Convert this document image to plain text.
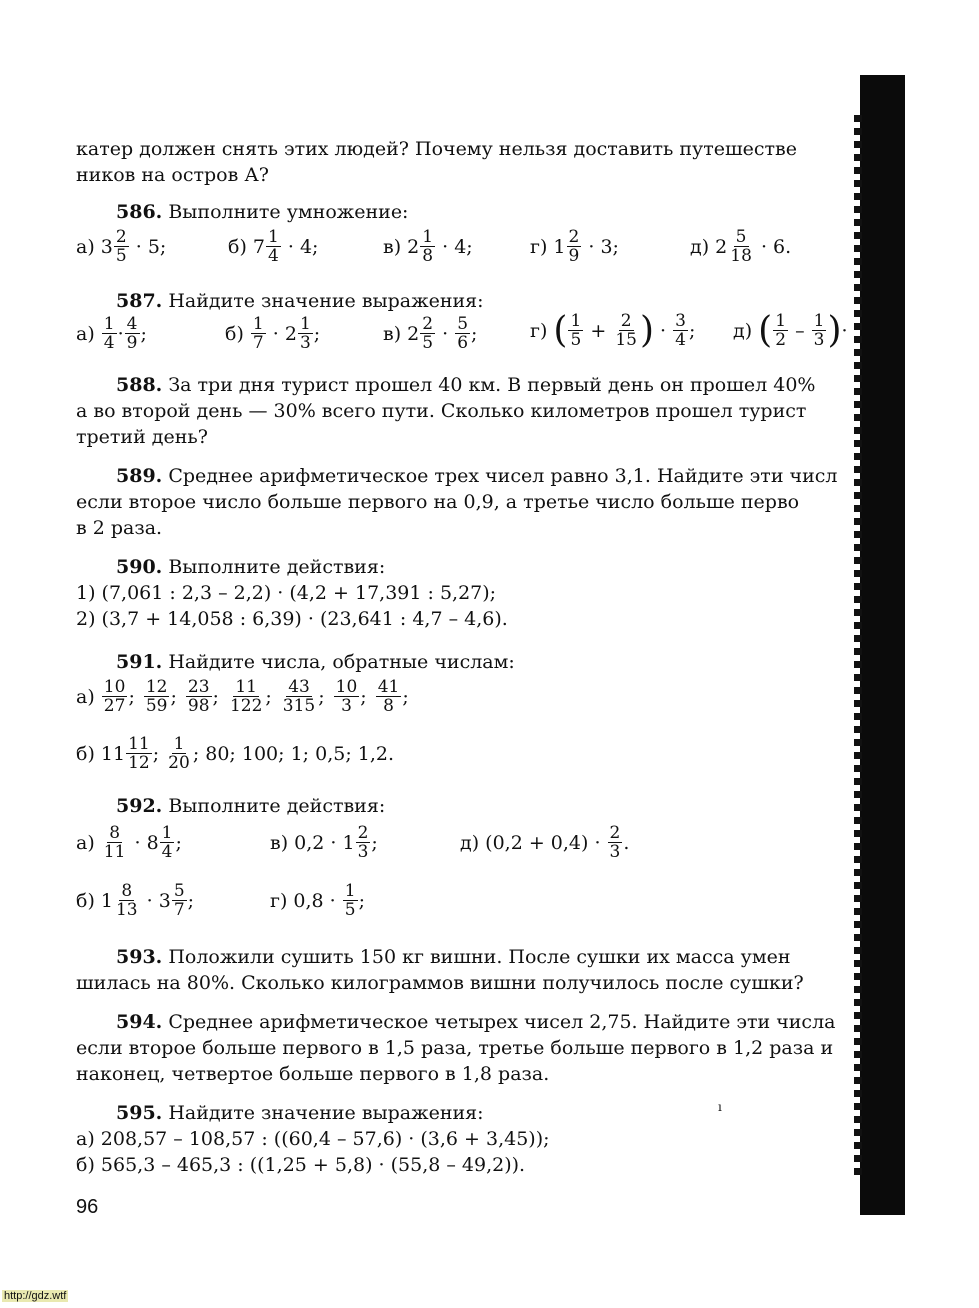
катер должен снять этих людей? Почему нельзя доставить путешестве
ников на остров А?
586. Выполните умножение:
а)
$3 \frac{2}{5}$
· 5;	б)
$7 \frac{1}{4}$
· 4;	в)
$2 \frac{1}{8}$
· 4;	г)
$1 \frac{2}{9}$
· 3;	д)
$2 \frac{5}{18}$
· 6.
587. Найдите значение выражения:
а)
$\frac{1}{4} \cdot \frac{4}{9}$ ;	б)
$\frac{1}{7}$
· $2 \frac{1}{3}$ ;	в) $2 \frac{2}{5}$
·
$\frac{5}{6}$ ;	г)
( $\frac{1}{5}$
+
$\frac{2}{15}$ )
·
$\frac{3}{4}$ ; д)
( $\frac{1}{2}$
–
$\frac{1}{3}$ ) ·
588. За три дня турист прошел 40 км. В первый день он прошел 40%
а во второй день — 30% всего пути. Сколько километров прошел турист
третий день?
589. Среднее арифметическое трех чисел равно 3,1. Найдите эти числ
если второе число больше первого на 0,9, а третье число больше перво
в 2 раза.
590. Выполните действия:
1) (7,061 : 2,3 – 2,2) · (4,2 + 17,391 : 5,27);
2) (3,7 + 14,058 : 6,39) · (23,641 : 4,7 – 4,6).
591. Найдите числа, обратные числам:
а)
$\frac{10}{27}$ ; $\frac{12}{59}$ ; $\frac{23}{98}$ ; $\frac{11}{122}$ ; $\frac{43}{315}$ ; $\frac{10}{3}$ ; $\frac{41}{8}$ ;
б) $11 \frac{11}{12}$ ;
$\frac{1}{20}$ ; 80; 100; 1; 0,5; 1,2.
592. Выполните действия:
а)
$\frac{8}{11}$
· $8 \frac{1}{4}$ ;	в) $0,2 \cdot 1 \frac{2}{3}$ ;	д) (0,2 + 0,4) ·
$\frac{2}{3}$ .
б) $1 \frac{8}{13}$
· $3 \frac{5}{7}$ ;	г) 0,8 ·
$\frac{1}{5}$ ;
593. Положили сушить 150 кг вишни. После сушки их масса умен
шилась на 80%. Сколько килограммов вишни получилось после сушки?
594. Среднее арифметическое четырех чисел 2,75. Найдите эти числа
если второе больше первого в 1,5 раза, третье больше первого в 1,2 раза и
наконец, четвертое больше первого в 1,8 раза.
595. Найдите значение выражения:
а) 208,57 – 108,57 : ((60,4 – 57,6) · (3,6 + 3,45));
б) 565,3 – 465,3 : ((1,25 + 5,8) · (55,8 – 49,2)).
ı
96
http://gdz.wtf
